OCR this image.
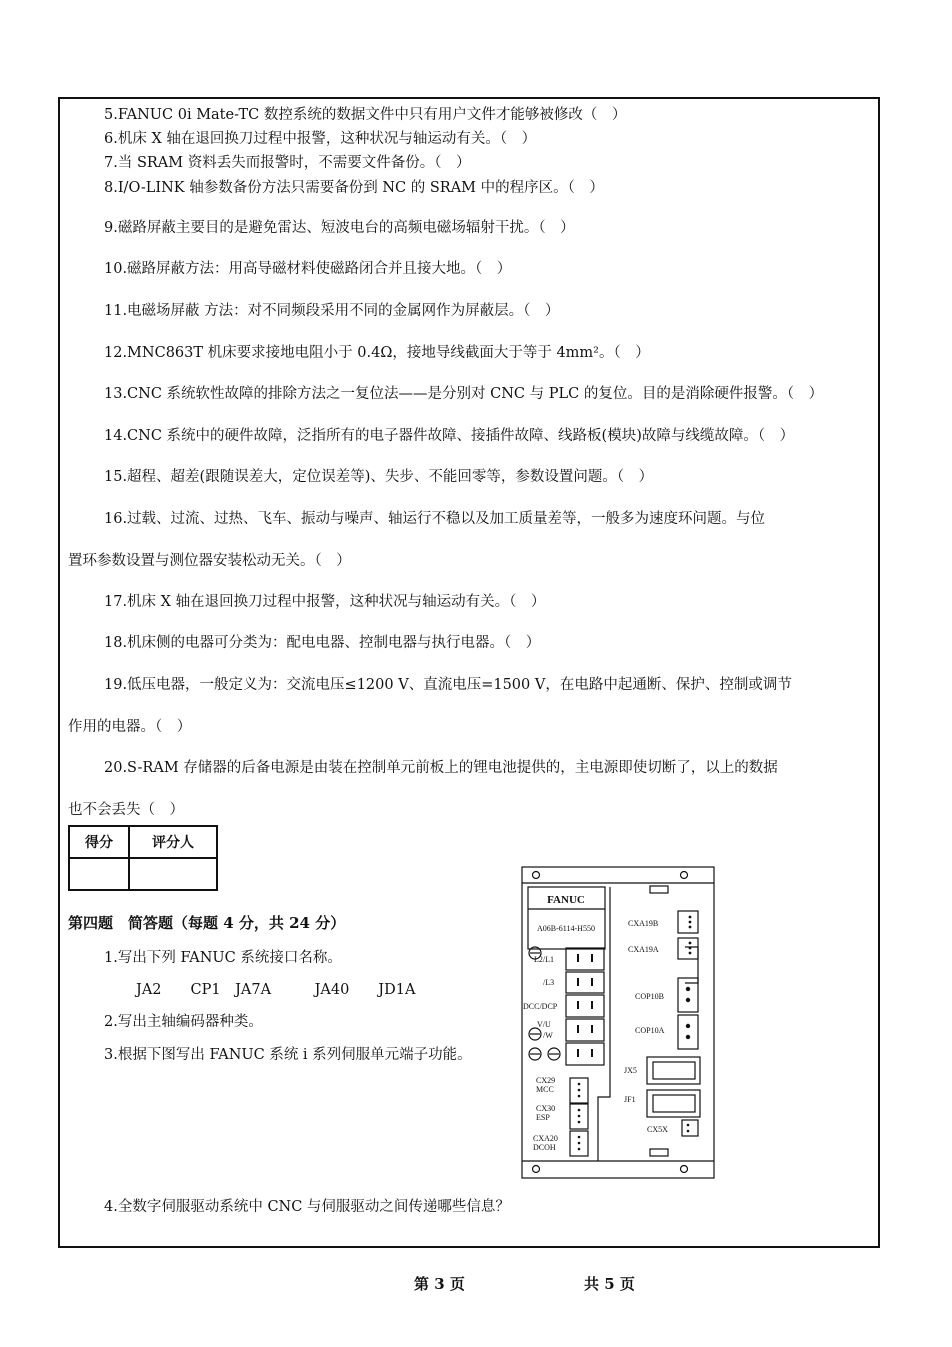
5.FANUC 0i Mate-TC 数控系统的数据文件中只有用户文件才能够被修改（　）
6.机床 X 轴在退回换刀过程中报警，这种状况与轴运动有关。（　）
7.当 SRAM 资料丢失而报警时，不需要文件备份。（　）
8.I/O-LINK 轴参数备份方法只需要备份到 NC 的 SRAM 中的程序区。（　）
9.磁路屏蔽主要目的是避免雷达、短波电台的高频电磁场辐射干扰。（　）
10.磁路屏蔽方法：用高导磁材料使磁路闭合并且接大地。（　）
11.电磁场屏蔽 方法：对不同频段采用不同的金属网作为屏蔽层。（　）
12.MNC863T 机床要求接地电阻小于 0.4Ω，接地导线截面大于等于 4mm²。（　）
13.CNC 系统软性故障的排除方法之一复位法——是分别对 CNC 与 PLC 的复位。目的是消除硬件报警。（　）
14.CNC 系统中的硬件故障，泛指所有的电子器件故障、接插件故障、线路板(模块)故障与线缆故障。（　）
15.超程、超差(跟随误差大，定位误差等)、失步、不能回零等，参数设置问题。（　）
16.过载、过流、过热、飞车、振动与噪声、轴运行不稳以及加工质量差等，一般多为速度环问题。与位
置环参数设置与测位器安装松动无关。（　）
17.机床 X 轴在退回换刀过程中报警，这种状况与轴运动有关。（　）
18.机床侧的电器可分类为：配电电器、控制电器与执行电器。（　）
19.低压电器，一般定义为：交流电压≤1200 V、直流电压=1500 V，在电路中起通断、保护、控制或调节
作用的电器。（　）
20.S-RAM 存储器的后备电源是由装在控制单元前板上的锂电池提供的，主电源即使切断了，以上的数据
也不会丢失（　）
得分	评分人

第四题　简答题（每题 4 分，共 24 分）
1.写出下列 FANUC 系统接口名称。
JA2　　CP1　JA7A　　　JA40　　JD1A
2.写出主轴编码器种类。
3.根据下图写出 FANUC 系统 i 系列伺服单元端子功能。
4.全数字伺服驱动系统中 CNC 与伺服驱动之间传递哪些信息？
FANUC
A06B-6114-H550
L2/L1
/L3
DCC/DCP
V/U
/W
CX29
MCC
CX30
ESP
CXA20
DCOH
CXA19B
CXA19A
COP10B
COP10A
JX5
JF1
CX5X
第 3 页	共 5 页
